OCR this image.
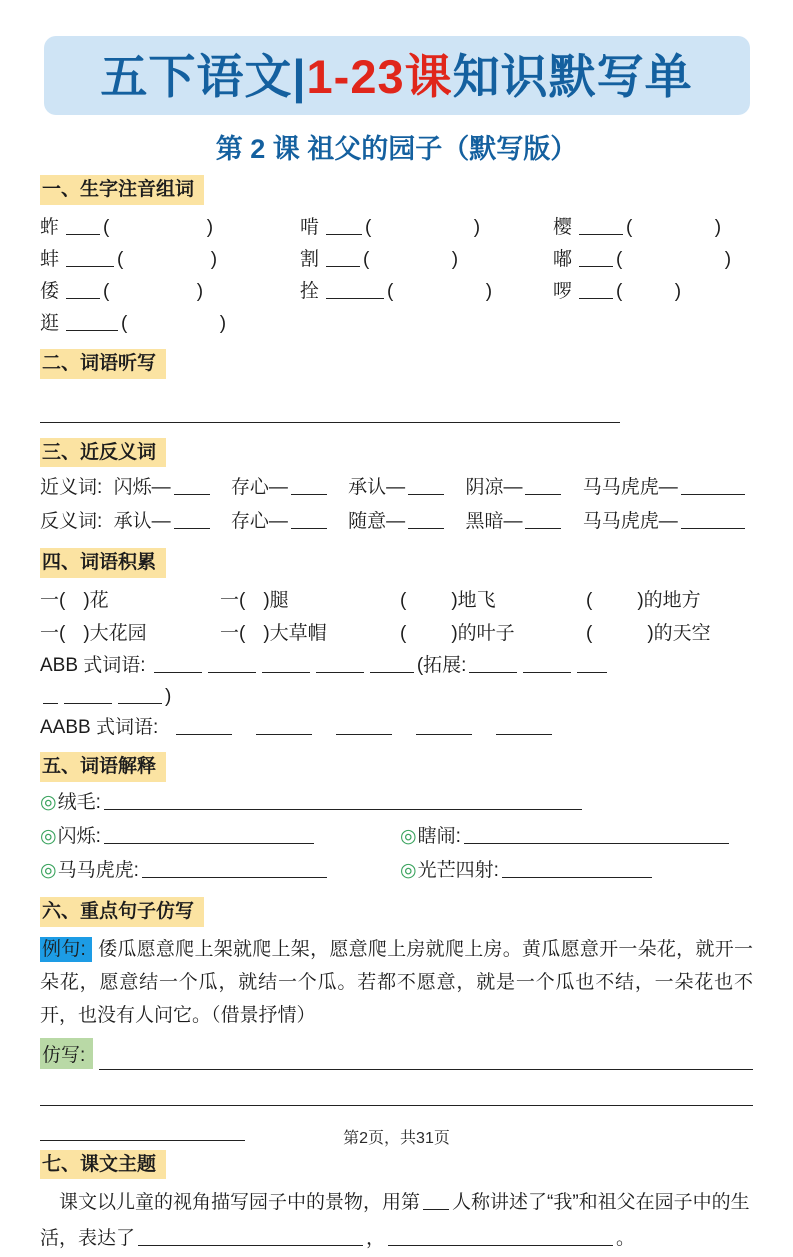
五下语文|1-23课知识默写单
第 2 课 祖父的园子（默写版）
一、生字注音组词
蚱 (	)	啃 (	)	樱	(	)
蚌	(	)	割 (	)	嘟 (	)
倭 (	)	拴	(	)	啰 (	)
逛	(	)
二、词语听写
三、近反义词
近义词: 闪烁—	存心—	承认—	阴凉—	马马虎虎—
反义词: 承认—	存心—	随意—	黑暗—	马马虎虎—
四、词语积累
一( )花	一( )腿	( )地飞	( )的地方
一( )大花园	一( )大草帽	( )的叶子	(	)的天空
ABB 式词语:	(拓展:
)
AABB 式词语:
五、词语解释
◎绒毛:
◎闪烁:	◎瞎闹:
◎马马虎虎:	◎光芒四射:
六、重点句子仿写

例句: 倭瓜愿意爬上架就爬上架，愿意爬上房就爬上房。黄瓜愿意开一朵花，就开一朵花，愿意结一个瓜，就结一个瓜。若都不愿意，就是一个瓜也不结，一朵花也不开，也没有人问它。（借景抒情）

仿写:
七、课文主题

课文以儿童的视角描写园子中的景物，用第 人称讲述了“我”和祖父在园子中的生活，表达了	，	。

第2页，共31页
